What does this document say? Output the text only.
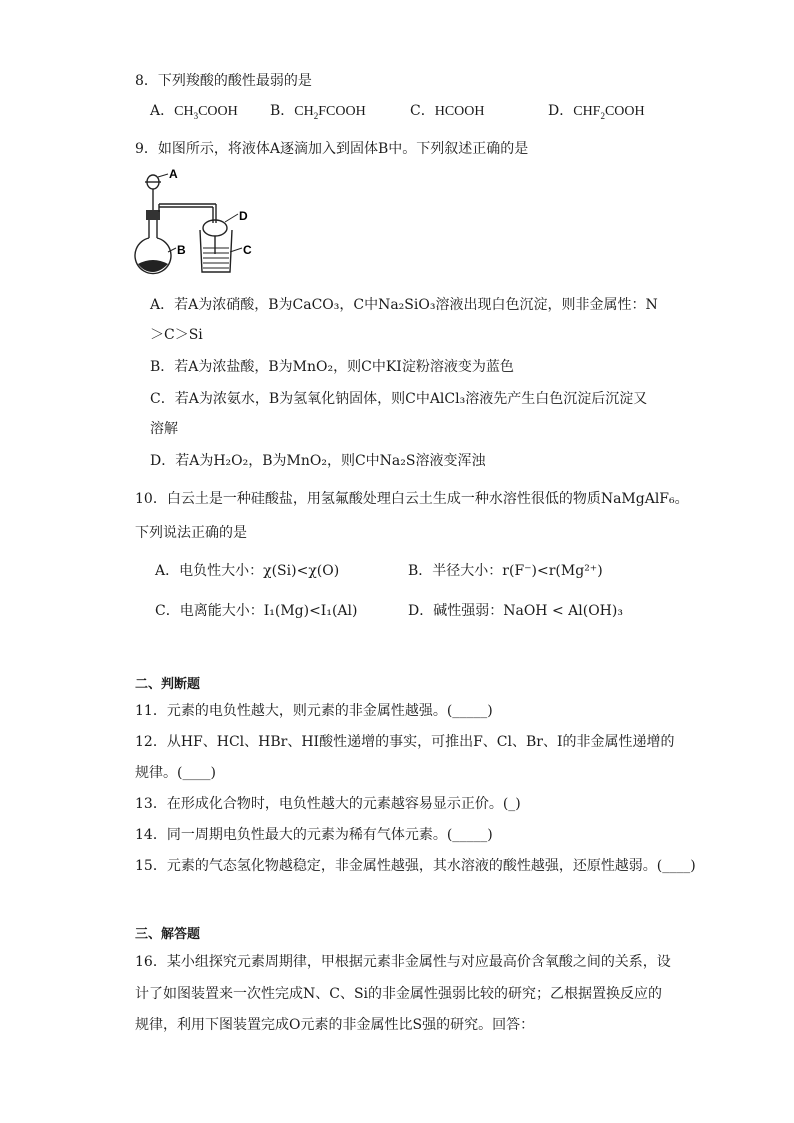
8．下列羧酸的酸性最弱的是
A．$CH_3COOH$ B．$CH_2FCOOH$	C．HCOOH	D．$CHF_2COOH$
9．如图所示，将液体A逐滴加入到固体B中。下列叙述正确的是
A
B
D
C
A．若A为浓硝酸，B为CaCO₃，C中Na₂SiO₃溶液出现白色沉淀，则非金属性：N
＞C＞Si
B．若A为浓盐酸，B为MnO₂，则C中KI淀粉溶液变为蓝色
C．若A为浓氨水，B为氢氧化钠固体，则C中AlCl₃溶液先产生白色沉淀后沉淀又
溶解
D．若A为H₂O₂，B为MnO₂，则C中Na₂S溶液变浑浊
10．白云土是一种硅酸盐，用氢氟酸处理白云土生成一种水溶性很低的物质NaMgAlF₆。
下列说法正确的是
A．电负性大小：χ(Si)<χ(O)	B．半径大小：r(F⁻)<r(Mg²⁺)
C．电离能大小：I₁(Mg)<I₁(Al)	D．碱性强弱：NaOH < Al(OH)₃
二、判断题
11．元素的电负性越大，则元素的非金属性越强。(_____)
12．从HF、HCl、HBr、HI酸性递增的事实，可推出F、Cl、Br、I的非金属性递增的
规律。(____)
13．在形成化合物时，电负性越大的元素越容易显示正价。(_)
14．同一周期电负性最大的元素为稀有气体元素。(_____)
15．元素的气态氢化物越稳定，非金属性越强，其水溶液的酸性越强，还原性越弱。(____)
三、解答题
16．某小组探究元素周期律，甲根据元素非金属性与对应最高价含氧酸之间的关系，设
计了如图装置来一次性完成N、C、Si的非金属性强弱比较的研究；乙根据置换反应的
规律，利用下图装置完成O元素的非金属性比S强的研究。回答：
